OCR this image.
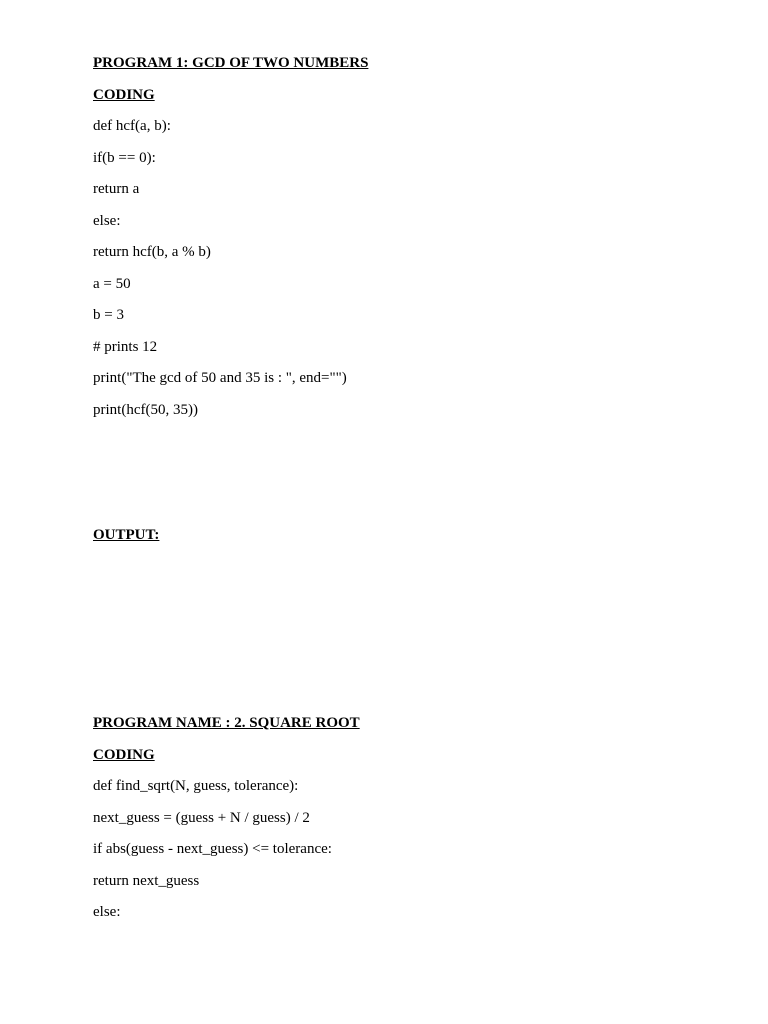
PROGRAM 1: GCD OF TWO NUMBERS
CODING
def hcf(a, b):
if(b == 0):
return a
else:
return hcf(b, a % b)
a = 50
b = 3
# prints 12
print("The gcd of 50 and 35 is : ", end="")
print(hcf(50, 35))
OUTPUT:
PROGRAM NAME : 2. SQUARE ROOT
CODING
def find_sqrt(N, guess, tolerance):
next_guess = (guess + N / guess) / 2
if abs(guess - next_guess) <= tolerance:
return next_guess
else:
